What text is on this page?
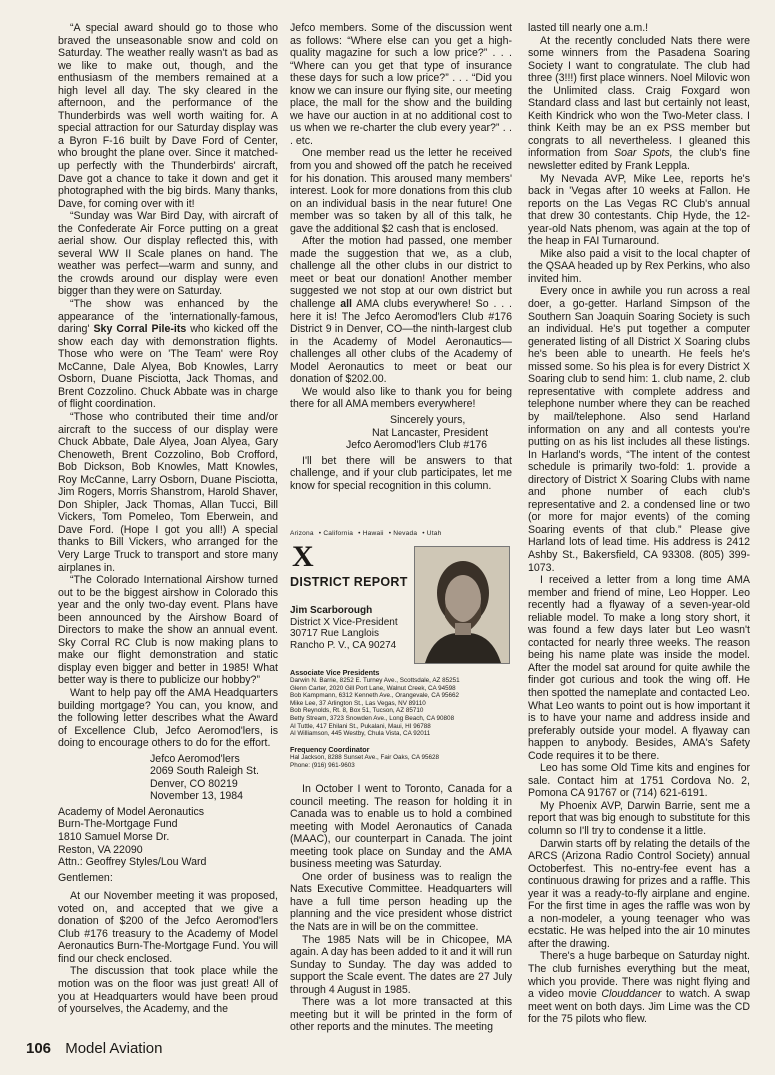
“A special award should go to those who braved the unseasonable snow and cold on Saturday. The weather really wasn't as bad as we like to make out, though, and the enthusiasm of the members remained at a high level all day. The sky cleared in the afternoon, and the performance of the Thunderbirds was well worth waiting for. A special attraction for our Saturday display was a Byron F-16 built by Dave Ford of Center, who brought the plane over. Since it matched-up perfectly with the Thunderbirds' aircraft, Dave got a chance to take it down and get it photographed with the big birds. Many thanks, Dave, for coming over with it!

“Sunday was War Bird Day, with aircraft of the Confederate Air Force putting on a great aerial show. Our display reflected this, with several WW II Scale planes on hand. The weather was perfect—warm and sunny, and the crowds around our display were even bigger than they were on Saturday.

“The show was enhanced by the appearance of the 'internationally-famous, daring' Sky Corral Pile-its who kicked off the show each day with demonstration flights. Those who were on 'The Team' were Roy McCanne, Dale Alyea, Bob Knowles, Larry Osborn, Duane Pisciotta, Jack Thomas, and Brent Cozzolino. Chuck Abbate was in charge of flight coordination.

“Those who contributed their time and/or aircraft to the success of our display were Chuck Abbate, Dale Alyea, Joan Alyea, Gary Chenoweth, Brent Cozzolino, Bob Crofford, Bob Dickson, Bob Knowles, Matt Knowles, Roy McCanne, Larry Osborn, Duane Pisciotta, Jim Rogers, Morris Shanstrom, Harold Shaver, Don Shipler, Jack Thomas, Allan Tucci, Bill Vickers, Tom Pomeleo, Tom Eberwein, and Dave Ford. (Hope I got you all!) A special thanks to Bill Vickers, who arranged for the Very Large Truck to transport and store many airplanes in.

“The Colorado International Airshow turned out to be the biggest airshow in Colorado this year and the only two-day event. Plans have been announced by the Airshow Board of Directors to make the show an annual event. Sky Corral RC Club is now making plans to make our flight demonstration and static display even bigger and better in 1985! What better way is there to publicize our hobby?”

Want to help pay off the AMA Headquarters building mortgage? You can, you know, and the following letter describes what the Award of Excellence Club, Jefco Aeromod'lers, is doing to encourage others to do for the effort.

Jefco Aeromod'lers
2069 South Raleigh St.
Denver, CO 80219
November 13, 1984
Academy of Model Aeronautics
Burn-The-Mortgage Fund
1810 Samuel Morse Dr.
Reston, VA 22090
Attn.: Geoffrey Styles/Lou Ward

Gentlemen:

At our November meeting it was proposed, voted on, and accepted that we give a donation of $200 of the Jefco Aeromod'lers Club #176 treasury to the Academy of Model Aeronautics Burn-The-Mortgage Fund. You will find our check enclosed.

The discussion that took place while the motion was on the floor was just great! All of you at Headquarters would have been proud of yourselves, the Academy, and the

Jefco members. Some of the discussion went as follows: “Where else can you get a high-quality magazine for such a low price?” . . . “Where can you get that type of insurance these days for such a low price?” . . . “Did you know we can insure our flying site, our meeting place, the mall for the show and the building we have our auction in at no additional cost to us when we re-charter the club every year?” . . . etc.

One member read us the letter he received from you and showed off the patch he received for his donation. This aroused many members' interest. Look for more donations from this club on an individual basis in the near future! One member was so taken by all of this talk, he gave the additional $2 cash that is enclosed.

After the motion had passed, one member made the suggestion that we, as a club, challenge all the other clubs in our district to meet or beat our donation! Another member suggested we not stop at our own district but challenge all AMA clubs everywhere! So . . . here it is! The Jefco Aeromod'lers Club #176 District 9 in Denver, CO—the ninth-largest club in the Academy of Model Aeronautics—challenges all other clubs of the Academy of Model Aeronautics to meet or beat our donation of $202.00.

We would also like to thank you for being there for all AMA members everywhere!

Sincerely yours,
Nat Lancaster, President
Jefco Aeromod'lers Club #176

I'll bet there will be answers to that challenge, and if your club participates, let me know for special recognition in this column.

Arizona • California • Hawaii • Nevada • Utah
X
DISTRICT REPORT
Jim Scarborough
District X Vice-President
30717 Rue Langlois
Rancho P. V., CA 90274
Associate Vice Presidents
Darwin N. Barrie, 8252 E. Turney Ave., Scottsdale, AZ 85251
Glenn Carter, 2020 Gill Port Lane, Walnut Creek, CA 94598
Bob Kampmann, 6312 Kenneth Ave., Orangevale, CA 95662
Mike Lee, 37 Arlington St., Las Vegas, NV 89110
Bob Reynolds, Rt. 8, Box 51, Tucson, AZ 85710
Betty Stream, 3723 Snowden Ave., Long Beach, CA 90808
Al Tuttle, 417 Ehilani St., Pukalani, Maui, HI 96788
Al Williamson, 445 Westby, Chula Vista, CA 92011
Frequency Coordinator
Hal Jackson, 8288 Sunset Ave., Fair Oaks, CA 95628
Phone: (916) 961-9603

In October I went to Toronto, Canada for a council meeting. The reason for holding it in Canada was to enable us to hold a combined meeting with Model Aeronautics of Canada (MAAC), our counterpart in Canada. The joint meeting took place on Sunday and the AMA business meeting was Saturday.

One order of business was to realign the Nats Executive Committee. Headquarters will have a full time person heading up the planning and the vice president whose district the Nats are in will be on the committee.

The 1985 Nats will be in Chicopee, MA again. A day has been added to it and it will run Sunday to Sunday. The day was added to support the Scale event. The dates are 27 July through 4 August in 1985.

There was a lot more transacted at this meeting but it will be printed in the form of other reports and the minutes. The meeting

lasted till nearly one a.m.!

At the recently concluded Nats there were some winners from the Pasadena Soaring Society I want to congratulate. The club had three (3!!!) first place winners. Noel Milovic won the Unlimited class. Craig Foxgard won Standard class and last but certainly not least, Keith Kindrick who won the Two-Meter class. I think Keith may be an ex PSS member but congrats to all nevertheless. I gleaned this information from Soar Spots, the club's fine newsletter edited by Frank Leppla.

My Nevada AVP, Mike Lee, reports he's back in 'Vegas after 10 weeks at Fallon. He reports on the Las Vegas RC Club's annual that drew 30 contestants. Chip Hyde, the 12-year-old Nats phenom, was again at the top of the heap in FAI Turnaround.

Mike also paid a visit to the local chapter of the QSAA headed up by Rex Perkins, who also invited him.

Every once in awhile you run across a real doer, a go-getter. Harland Simpson of the Southern San Joaquin Soaring Society is such an individual. He's put together a computer generated listing of all District X Soaring clubs he's been able to unearth. He feels he's missed some. So his plea is for every District X Soaring club to send him: 1. club name, 2. club representative with complete address and telephone number where they can be reached by mail/telephone. Also send Harland information on any and all contests you're putting on as his list includes all these listings. In Harland's words, “The intent of the contest schedule is primarily two-fold: 1. provide a directory of District X Soaring Clubs with name and phone number of each club's representative and 2. a condensed line or two (or more for major events) of the coming Soaring events of that club.” Please give Harland lots of lead time. His address is 2412 Ashby St., Bakersfield, CA 93308. (805) 399-1073.

I received a letter from a long time AMA member and friend of mine, Leo Hopper. Leo recently had a flyaway of a seven-year-old reliable model. To make a long story short, it was found a few days later but Leo wasn't contacted for nearly three weeks. The reason being his name plate was inside the model. After the model sat around for quite awhile the finder got curious and took the wing off. He then spotted the nameplate and contacted Leo. What Leo wants to point out is how important it is to have your name and address inside and preferably outside your model. A flyaway can happen to anybody. Besides, AMA's Safety Code requires it to be there.

Leo has some Old Time kits and engines for sale. Contact him at 1751 Cordova No. 2, Pomona CA 91767 or (714) 621-6191.

My Phoenix AVP, Darwin Barrie, sent me a report that was big enough to substitute for this column so I'll try to condense it a little.

Darwin starts off by relating the details of the ARCS (Arizona Radio Control Society) annual Octoberfest. This no-entry-fee event has a continuous drawing for prizes and a raffle. This year it was a ready-to-fly airplane and engine. For the first time in ages the raffle was won by a non-modeler, a young teenager who was ecstatic. He was helped into the air 10 minutes after the drawing.

There's a huge barbeque on Saturday night. The club furnishes everything but the meat, which you provide. There was night flying and a video movie Clouddancer to watch. A swap meet went on both days. Jim Lime was the CD for the 75 pilots who flew.

106 Model Aviation
